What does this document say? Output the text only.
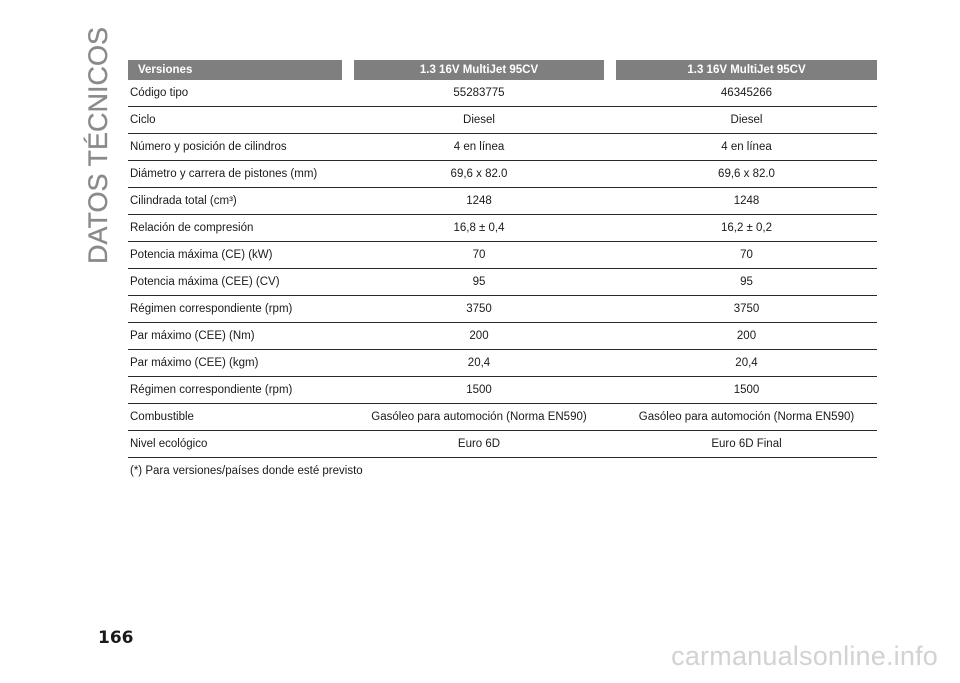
DATOS TÉCNICOS	Versiones	1.3 16V MultiJet 95CV	1.3 16V MultiJet 95CV
Código tipo	55283775	46345266
Ciclo	Diesel	Diesel
Número y posición de cilindros	4 en línea	4 en línea
Diámetro y carrera de pistones (mm)	69,6 x 82.0	69,6 x 82.0
Cilindrada total (cm³)	1248	1248
Relación de compresión	16,8 ± 0,4	16,2 ± 0,2
Potencia máxima (CE) (kW)	70	70
Potencia máxima (CEE) (CV)	95	95
Régimen correspondiente (rpm)	3750	3750
Par máximo (CEE) (Nm)	200	200
Par máximo (CEE) (kgm)	20,4	20,4
Régimen correspondiente (rpm)	1500	1500
Combustible	Gasóleo para automoción (Norma EN590)	Gasóleo para automoción (Norma EN590)
Nivel ecológico	Euro 6D	Euro 6D Final
(*) Para versiones/países donde esté previsto
166
carmanualsonline.info
